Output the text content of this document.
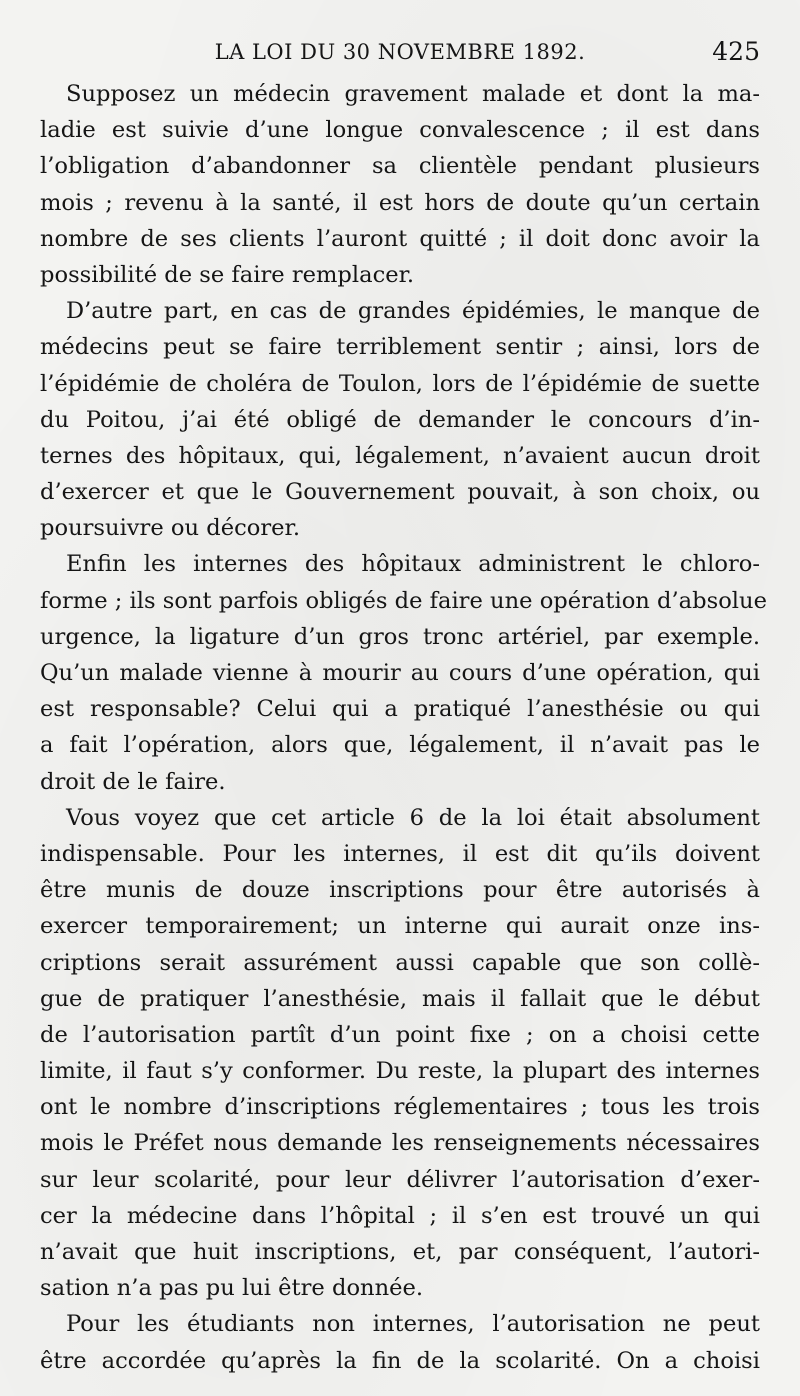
LA LOI DU 30 NOVEMBRE 1892.	425
Supposez un médecin gravement malade et dont la ma-
ladie est suivie d’une longue convalescence ; il est dans
l’obligation d’abandonner sa clientèle pendant plusieurs
mois ; revenu à la santé, il est hors de doute qu’un certain
nombre de ses clients l’auront quitté ; il doit donc avoir la
possibilité de se faire remplacer.
D’autre part, en cas de grandes épidémies, le manque de
médecins peut se faire terriblement sentir ; ainsi, lors de
l’épidémie de choléra de Toulon, lors de l’épidémie de suette
du Poitou, j’ai été obligé de demander le concours d’in-
ternes des hôpitaux, qui, légalement, n’avaient aucun droit
d’exercer et que le Gouvernement pouvait, à son choix, ou
poursuivre ou décorer.
Enfin les internes des hôpitaux administrent le chloro-
forme ; ils sont parfois obligés de faire une opération d’absolue
urgence, la ligature d’un gros tronc artériel, par exemple.
Qu’un malade vienne à mourir au cours d’une opération, qui
est responsable? Celui qui a pratiqué l’anesthésie ou qui
a fait l’opération, alors que, légalement, il n’avait pas le
droit de le faire.
Vous voyez que cet article 6 de la loi était absolument
indispensable. Pour les internes, il est dit qu’ils doivent
être munis de douze inscriptions pour être autorisés à
exercer temporairement; un interne qui aurait onze ins-
criptions serait assurément aussi capable que son collè-
gue de pratiquer l’anesthésie, mais il fallait que le début
de l’autorisation partît d’un point fixe ; on a choisi cette
limite, il faut s’y conformer. Du reste, la plupart des internes
ont le nombre d’inscriptions réglementaires ; tous les trois
mois le Préfet nous demande les renseignements nécessaires
sur leur scolarité, pour leur délivrer l’autorisation d’exer-
cer la médecine dans l’hôpital ; il s’en est trouvé un qui
n’avait que huit inscriptions, et, par conséquent, l’autori-
sation n’a pas pu lui être donnée.
Pour les étudiants non internes, l’autorisation ne peut
être accordée qu’après la fin de la scolarité. On a choisi
